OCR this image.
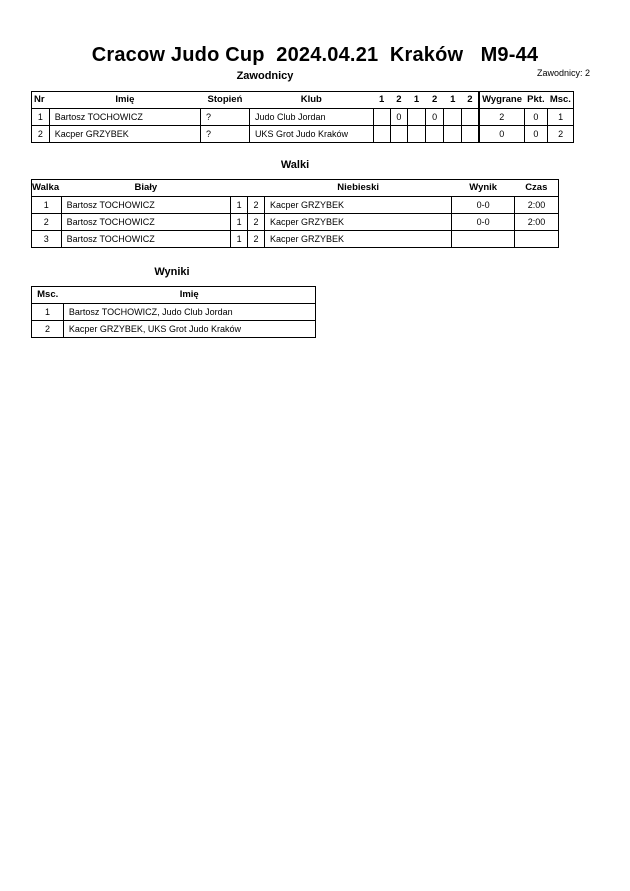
Cracow Judo Cup  2024.04.21  Kraków   M9-44
Zawodnicy	Zawodnicy: 2
Nr	Imię	Stopień	Klub	1	2	1	2	1	2	Wygrane	Pkt.	Msc.
1	Bartosz TOCHOWICZ	?	Judo Club Jordan		0		0			2	0	1
2	Kacper GRZYBEK	?	UKS Grot Judo Kraków							0	0	2
Walki
Walka	Biały			Niebieski	Wynik	Czas
1	Bartosz TOCHOWICZ	1	2	Kacper GRZYBEK	0-0	2:00
2	Bartosz TOCHOWICZ	1	2	Kacper GRZYBEK	0-0	2:00
3	Bartosz TOCHOWICZ	1	2	Kacper GRZYBEK		
Wyniki
Msc.	Imię
1	Bartosz TOCHOWICZ, Judo Club Jordan
2	Kacper GRZYBEK, UKS Grot Judo Kraków
